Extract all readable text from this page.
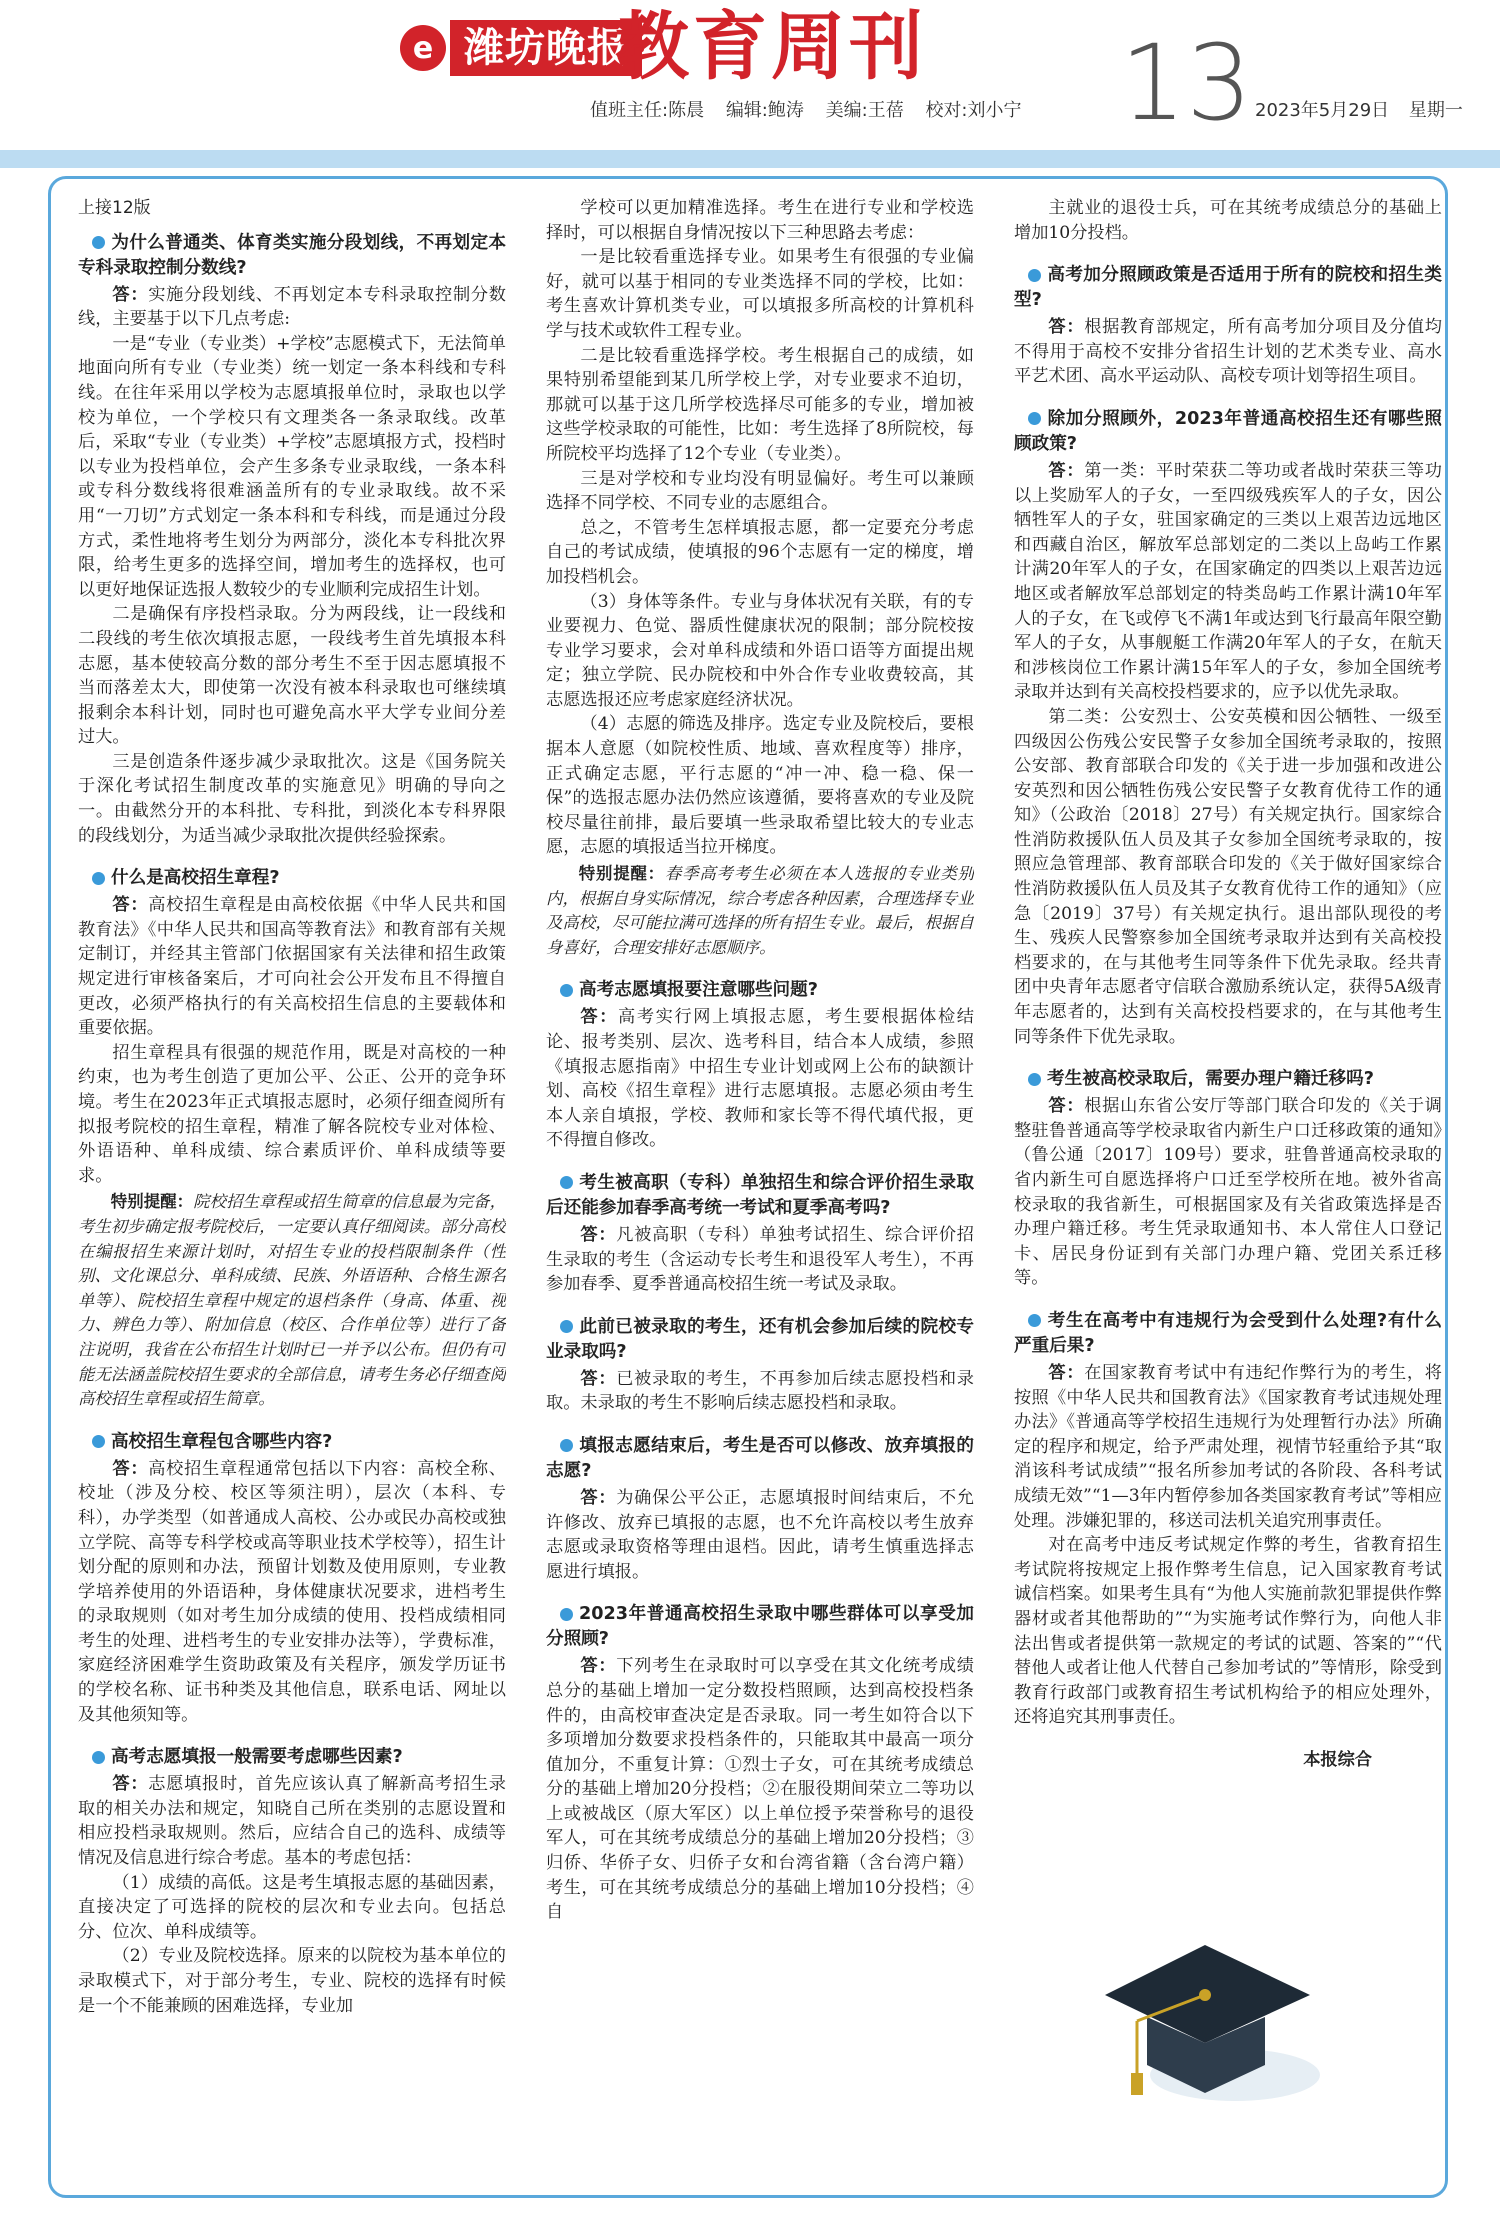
e 潍坊晚报
教育周刊
值班主任:陈晨 编辑:鲍涛 美编:王蓓 校对:刘小宁 13 2023年5月29日 星期一
上接12版
为什么普通类、体育类实施分段划线，不再划定本专科录取控制分数线?

答：实施分段划线、不再划定本专科录取控制分数线，主要基于以下几点考虑:

一是“专业（专业类）+学校”志愿模式下，无法简单地面向所有专业（专业类）统一划定一条本科线和专科线。在往年采用以学校为志愿填报单位时，录取也以学校为单位，一个学校只有文理类各一条录取线。改革后，采取“专业（专业类）+学校”志愿填报方式，投档时以专业为投档单位，会产生多条专业录取线，一条本科或专科分数线将很难涵盖所有的专业录取线。故不采用“一刀切”方式划定一条本科和专科线，而是通过分段方式，柔性地将考生划分为两部分，淡化本专科批次界限，给考生更多的选择空间，增加考生的选择权，也可以更好地保证选报人数较少的专业顺利完成招生计划。

二是确保有序投档录取。分为两段线，让一段线和二段线的考生依次填报志愿，一段线考生首先填报本科志愿，基本使较高分数的部分考生不至于因志愿填报不当而落差太大，即使第一次没有被本科录取也可继续填报剩余本科计划，同时也可避免高水平大学专业间分差过大。

三是创造条件逐步减少录取批次。这是《国务院关于深化考试招生制度改革的实施意见》明确的导向之一。由截然分开的本科批、专科批，到淡化本专科界限的段线划分，为适当减少录取批次提供经验探索。

什么是高校招生章程?

答：高校招生章程是由高校依据《中华人民共和国教育法》《中华人民共和国高等教育法》和教育部有关规定制订，并经其主管部门依据国家有关法律和招生政策规定进行审核备案后，才可向社会公开发布且不得擅自更改，必须严格执行的有关高校招生信息的主要载体和重要依据。

招生章程具有很强的规范作用，既是对高校的一种约束，也为考生创造了更加公平、公正、公开的竞争环境。考生在2023年正式填报志愿时，必须仔细查阅所有拟报考院校的招生章程，精准了解各院校专业对体检、外语语种、单科成绩、综合素质评价、单科成绩等要求。

特别提醒：院校招生章程或招生简章的信息最为完备，考生初步确定报考院校后，一定要认真仔细阅读。部分高校在编报招生来源计划时，对招生专业的投档限制条件（性别、文化课总分、单科成绩、民族、外语语种、合格生源名单等）、院校招生章程中规定的退档条件（身高、体重、视力、辨色力等）、附加信息（校区、合作单位等）进行了备注说明，我省在公布招生计划时已一并予以公布。但仍有可能无法涵盖院校招生要求的全部信息，请考生务必仔细查阅高校招生章程或招生简章。

高校招生章程包含哪些内容?

答：高校招生章程通常包括以下内容：高校全称、校址（涉及分校、校区等须注明），层次（本科、专科），办学类型（如普通成人高校、公办或民办高校或独立学院、高等专科学校或高等职业技术学校等），招生计划分配的原则和办法，预留计划数及使用原则，专业教学培养使用的外语语种，身体健康状况要求，进档考生的录取规则（如对考生加分成绩的使用、投档成绩相同考生的处理、进档考生的专业安排办法等），学费标准，家庭经济困难学生资助政策及有关程序，颁发学历证书的学校名称、证书种类及其他信息，联系电话、网址以及其他须知等。

高考志愿填报一般需要考虑哪些因素?

答：志愿填报时，首先应该认真了解新高考招生录取的相关办法和规定，知晓自己所在类别的志愿设置和相应投档录取规则。然后，应结合自己的选科、成绩等情况及信息进行综合考虑。基本的考虑包括：

（1）成绩的高低。这是考生填报志愿的基础因素，直接决定了可选择的院校的层次和专业去向。包括总分、位次、单科成绩等。

（2）专业及院校选择。原来的以院校为基本单位的录取模式下，对于部分考生，专业、院校的选择有时候是一个不能兼顾的困难选择，专业加

学校可以更加精准选择。考生在进行专业和学校选择时，可以根据自身情况按以下三种思路去考虑：

一是比较看重选择专业。如果考生有很强的专业偏好，就可以基于相同的专业类选择不同的学校，比如：考生喜欢计算机类专业，可以填报多所高校的计算机科学与技术或软件工程专业。

二是比较看重选择学校。考生根据自己的成绩，如果特别希望能到某几所学校上学，对专业要求不迫切，那就可以基于这几所学校选择尽可能多的专业，增加被这些学校录取的可能性，比如：考生选择了8所院校，每所院校平均选择了12个专业（专业类）。

三是对学校和专业均没有明显偏好。考生可以兼顾选择不同学校、不同专业的志愿组合。

总之，不管考生怎样填报志愿，都一定要充分考虑自己的考试成绩，使填报的96个志愿有一定的梯度，增加投档机会。

（3）身体等条件。专业与身体状况有关联，有的专业要视力、色觉、器质性健康状况的限制；部分院校按专业学习要求，会对单科成绩和外语口语等方面提出规定；独立学院、民办院校和中外合作专业收费较高，其志愿选报还应考虑家庭经济状况。

（4）志愿的筛选及排序。选定专业及院校后，要根据本人意愿（如院校性质、地域、喜欢程度等）排序，正式确定志愿，平行志愿的“冲一冲、稳一稳、保一保”的选报志愿办法仍然应该遵循，要将喜欢的专业及院校尽量往前排，最后要填一些录取希望比较大的专业志愿，志愿的填报适当拉开梯度。

特别提醒：春季高考考生必须在本人选报的专业类别内，根据自身实际情况，综合考虑各种因素，合理选择专业及高校，尽可能拉满可选择的所有招生专业。最后，根据自身喜好，合理安排好志愿顺序。

高考志愿填报要注意哪些问题?

答：高考实行网上填报志愿，考生要根据体检结论、报考类别、层次、选考科目，结合本人成绩，参照《填报志愿指南》中招生专业计划或网上公布的缺额计划、高校《招生章程》进行志愿填报。志愿必须由考生本人亲自填报，学校、教师和家长等不得代填代报，更不得擅自修改。

考生被高职（专科）单独招生和综合评价招生录取后还能参加春季高考统一考试和夏季高考吗?

答：凡被高职（专科）单独考试招生、综合评价招生录取的考生（含运动专长考生和退役军人考生），不再参加春季、夏季普通高校招生统一考试及录取。

此前已被录取的考生，还有机会参加后续的院校专业录取吗?

答：已被录取的考生，不再参加后续志愿投档和录取。未录取的考生不影响后续志愿投档和录取。

填报志愿结束后，考生是否可以修改、放弃填报的志愿?

答：为确保公平公正，志愿填报时间结束后，不允许修改、放弃已填报的志愿，也不允许高校以考生放弃志愿或录取资格等理由退档。因此，请考生慎重选择志愿进行填报。

2023年普通高校招生录取中哪些群体可以享受加分照顾?

答：下列考生在录取时可以享受在其文化统考成绩总分的基础上增加一定分数投档照顾，达到高校投档条件的，由高校审查决定是否录取。同一考生如符合以下多项增加分数要求投档条件的，只能取其中最高一项分值加分，不重复计算：①烈士子女，可在其统考成绩总分的基础上增加20分投档；②在服役期间荣立二等功以上或被战区（原大军区）以上单位授予荣誉称号的退役军人，可在其统考成绩总分的基础上增加20分投档；③归侨、华侨子女、归侨子女和台湾省籍（含台湾户籍）考生，可在其统考成绩总分的基础上增加10分投档；④自

主就业的退役士兵，可在其统考成绩总分的基础上增加10分投档。

高考加分照顾政策是否适用于所有的院校和招生类型?

答：根据教育部规定，所有高考加分项目及分值均不得用于高校不安排分省招生计划的艺术类专业、高水平艺术团、高水平运动队、高校专项计划等招生项目。

除加分照顾外，2023年普通高校招生还有哪些照顾政策?

答：第一类：平时荣获二等功或者战时荣获三等功以上奖励军人的子女，一至四级残疾军人的子女，因公牺牲军人的子女，驻国家确定的三类以上艰苦边远地区和西藏自治区，解放军总部划定的二类以上岛屿工作累计满20年军人的子女，在国家确定的四类以上艰苦边远地区或者解放军总部划定的特类岛屿工作累计满10年军人的子女，在飞或停飞不满1年或达到飞行最高年限空勤军人的子女，从事舰艇工作满20年军人的子女，在航天和涉核岗位工作累计满15年军人的子女，参加全国统考录取并达到有关高校投档要求的，应予以优先录取。

第二类：公安烈士、公安英模和因公牺牲、一级至四级因公伤残公安民警子女参加全国统考录取的，按照公安部、教育部联合印发的《关于进一步加强和改进公安英烈和因公牺牲伤残公安民警子女教育优待工作的通知》（公政治〔2018〕27号）有关规定执行。国家综合性消防救援队伍人员及其子女参加全国统考录取的，按照应急管理部、教育部联合印发的《关于做好国家综合性消防救援队伍人员及其子女教育优待工作的通知》（应急〔2019〕37号）有关规定执行。退出部队现役的考生、残疾人民警察参加全国统考录取并达到有关高校投档要求的，在与其他考生同等条件下优先录取。经共青团中央青年志愿者守信联合激励系统认定，获得5A级青年志愿者的，达到有关高校投档要求的，在与其他考生同等条件下优先录取。

考生被高校录取后，需要办理户籍迁移吗?

答：根据山东省公安厅等部门联合印发的《关于调整驻鲁普通高等学校录取省内新生户口迁移政策的通知》（鲁公通〔2017〕109号）要求，驻鲁普通高校录取的省内新生可自愿选择将户口迁至学校所在地。被外省高校录取的我省新生，可根据国家及有关省政策选择是否办理户籍迁移。考生凭录取通知书、本人常住人口登记卡、居民身份证到有关部门办理户籍、党团关系迁移等。

考生在高考中有违规行为会受到什么处理?有什么严重后果?

答：在国家教育考试中有违纪作弊行为的考生，将按照《中华人民共和国教育法》《国家教育考试违规处理办法》《普通高等学校招生违规行为处理暂行办法》所确定的程序和规定，给予严肃处理，视情节轻重给予其“取消该科考试成绩”“报名所参加考试的各阶段、各科考试成绩无效”“1—3年内暂停参加各类国家教育考试”等相应处理。涉嫌犯罪的，移送司法机关追究刑事责任。

对在高考中违反考试规定作弊的考生，省教育招生考试院将按规定上报作弊考生信息，记入国家教育考试诚信档案。如果考生具有“为他人实施前款犯罪提供作弊器材或者其他帮助的”“为实施考试作弊行为，向他人非法出售或者提供第一款规定的考试的试题、答案的”“代替他人或者让他人代替自己参加考试的”等情形，除受到教育行政部门或教育招生考试机构给予的相应处理外，还将追究其刑事责任。

本报综合
